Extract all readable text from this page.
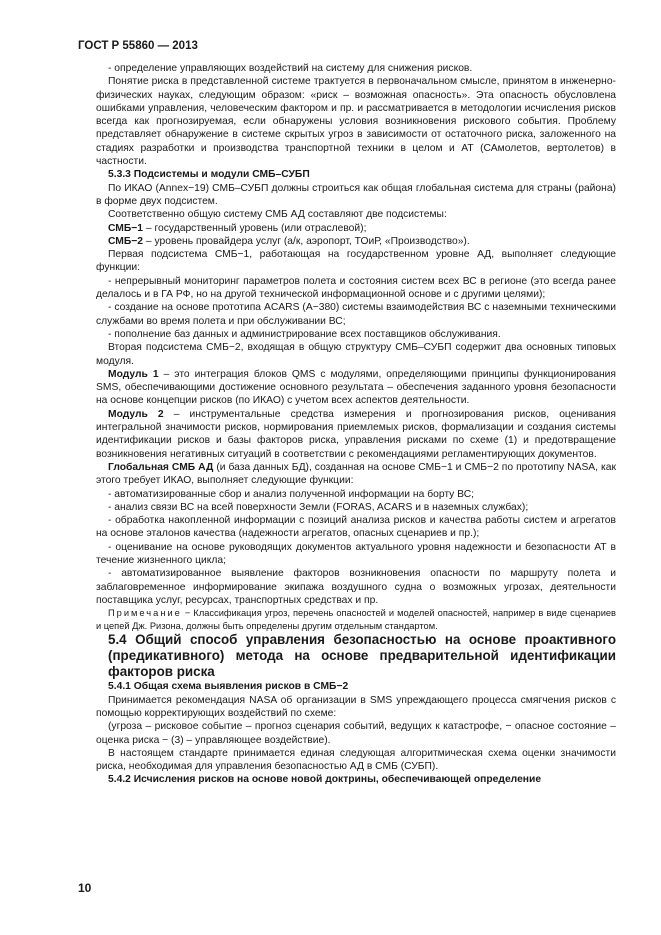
ГОСТ Р 55860 — 2013

- определение управляющих воздействий на систему для снижения рисков.

Понятие риска в представленной системе трактуется в первоначальном смысле, принятом в инженерно-физических науках, следующим образом: «риск – возможная опасность». Эта опасность обусловлена ошибками управления, человеческим фактором и пр. и рассматривается в методологии исчисления рисков всегда как прогнозируемая, если обнаружены условия возникновения рискового события. Проблему представляет обнаружение в системе скрытых угроз в зависимости от остаточного риска, заложенного на стадиях разработки и производства транспортной техники в целом и АТ (САмолетов, вертолетов) в частности.

5.3.3 Подсистемы и модули СМБ–СУБП

По ИКАО (Annex−19) СМБ–СУБП должны строиться как общая глобальная система для страны (района) в форме двух подсистем.

Соответственно общую систему СМБ АД составляют две подсистемы:

СМБ−1 – государственный уровень (или отраслевой);

СМБ−2 – уровень провайдера услуг (а/к, аэропорт, ТОиР, «Производство»).

Первая подсистема СМБ−1, работающая на государственном уровне АД, выполняет следующие функции:

- непрерывный мониторинг параметров полета и состояния систем всех ВС в регионе (это всегда ранее делалось и в ГА РФ, но на другой технической информационной основе и с другими целями);

- создание на основе прототипа ACARS (A−380) системы взаимодействия ВС с наземными техническими службами во время полета и при обслуживании ВС;

- пополнение баз данных и администрирование всех поставщиков обслуживания.

Вторая подсистема СМБ−2, входящая в общую структуру СМБ–СУБП содержит два основных типовых модуля.

Модуль 1 – это интеграция блоков QMS с модулями, определяющими принципы функционирования SMS, обеспечивающими достижение основного результата – обеспечения заданного уровня безопасности на основе концепции рисков (по ИКАО) с учетом всех аспектов деятельности.

Модуль 2 – инструментальные средства измерения и прогнозирования рисков, оценивания интегральной значимости рисков, нормирования приемлемых рисков, формализации и создания системы идентификации рисков и базы факторов риска, управления рисками по схеме (1) и предотвращение возникновения негативных ситуаций в соответствии с рекомендациями регламентирующих документов.

Глобальная СМБ АД (и база данных БД), созданная на основе СМБ−1 и СМБ−2 по прототипу NASA, как этого требует ИКАО, выполняет следующие функции:

- автоматизированные сбор и анализ полученной информации на борту ВС;

- анализ связи ВС на всей поверхности Земли (FORAS, ACARS и в наземных службах);

- обработка накопленной информации с позиций анализа рисков и качества работы систем и агрегатов на основе эталонов качества (надежности агрегатов, опасных сценариев и пр.);

- оценивание на основе руководящих документов актуального уровня надежности и безопасности АТ в течение жизненного цикла;

- автоматизированное выявление факторов возникновения опасности по маршруту полета и заблаговременное информирование экипажа воздушного судна о возможных угрозах, деятельности поставщика услуг, ресурсах, транспортных средствах и пр.

Примечание − Классификация угроз, перечень опасностей и моделей опасностей, например в виде сценариев и цепей Дж. Ризона, должны быть определены другим отдельным стандартом.

5.4 Общий способ управления безопасностью на основе проактивного (предикативного) метода на основе предварительной идентификации факторов риска

5.4.1 Общая схема выявления рисков в СМБ−2

Принимается рекомендация NASA об организации в SMS упреждающего процесса смягчения рисков с помощью корректирующих воздействий по схеме:

(угроза – рисковое событие – прогноз сценария событий, ведущих к катастрофе, − опасное состояние – оценка риска − (3) – управляющее воздействие).

В настоящем стандарте принимается единая следующая алгоритмическая схема оценки значимости риска, необходимая для управления безопасностью АД в СМБ (СУБП).

5.4.2 Исчисления рисков на основе новой доктрины, обеспечивающей определение

10
